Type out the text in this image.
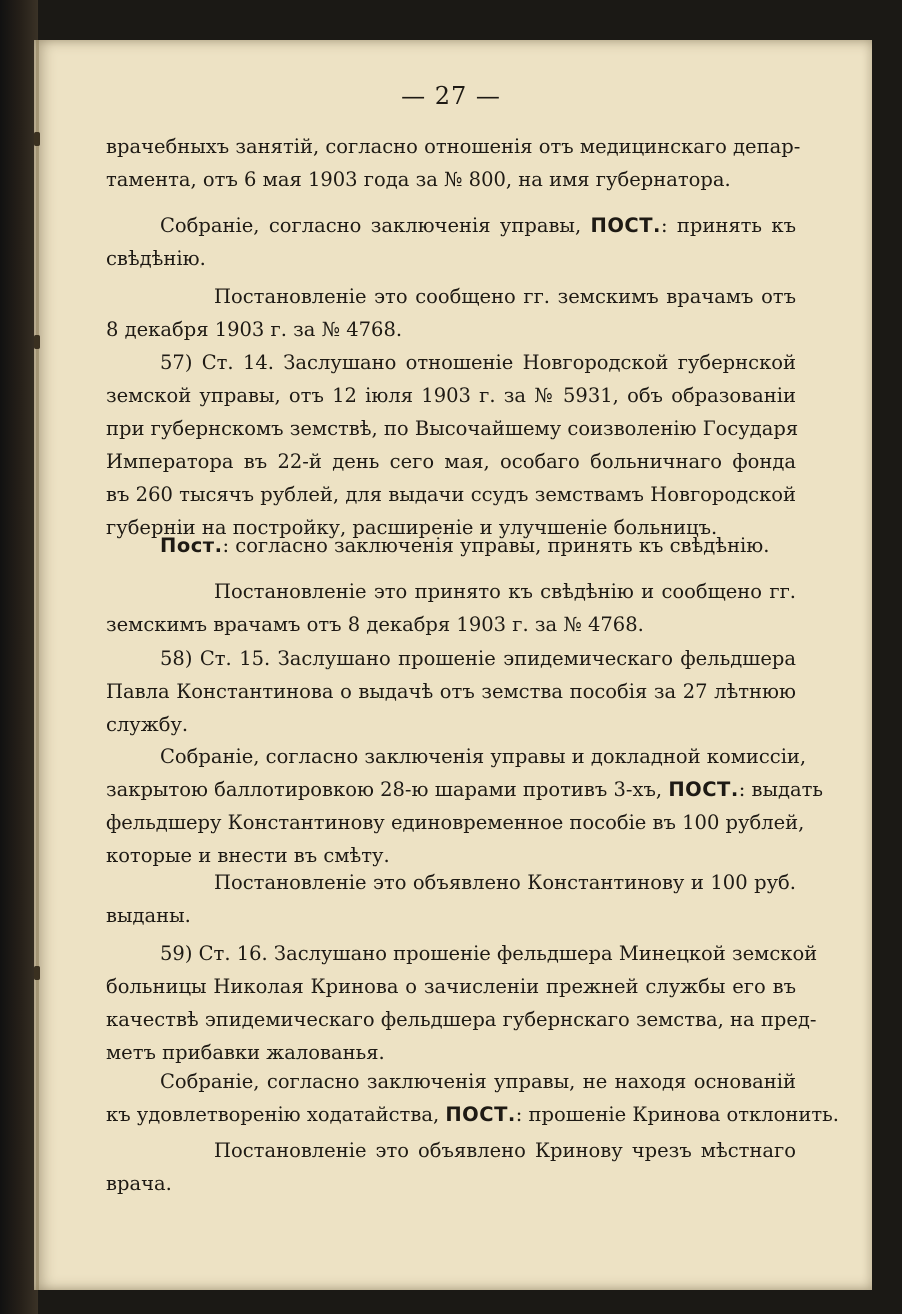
— 27 —
врачебныхъ занятій, согласно отношенія отъ медицинскаго депар-
тамента, отъ 6 мая 1903 года за № 800, на имя губернатора.
Собраніе, согласно заключенія управы, ПОСТ.: принять къ
свѣдѣнію.
Постановленіе это сообщено гг. земскимъ врачамъ отъ
8 декабря 1903 г. за № 4768.
57) Ст. 14. Заслушано отношеніе Новгородской губернской
земской управы, отъ 12 іюля 1903 г. за № 5931, объ образованіи
при губернскомъ земствѣ, по Высочайшему соизволенію Государя
Императора въ 22-й день сего мая, особаго больничнаго фонда
въ 260 тысячъ рублей, для выдачи ссудъ земствамъ Новгородской
губерніи на постройку, расширеніе и улучшеніе больницъ.
Пост.: согласно заключенія управы, принять къ свѣдѣнію.
Постановленіе это принято къ свѣдѣнію и сообщено гг.
земскимъ врачамъ отъ 8 декабря 1903 г. за № 4768.
58) Ст. 15. Заслушано прошеніе эпидемическаго фельдшера
Павла Константинова о выдачѣ отъ земства пособія за 27 лѣтнюю
службу.
Собраніе, согласно заключенія управы и докладной комиссіи,
закрытою баллотировкою 28-ю шарами противъ 3-хъ, ПОСТ.: выдать
фельдшеру Константинову единовременное пособіе въ 100 рублей,
которые и внести въ смѣту.
Постановленіе это объявлено Константинову и 100 руб.
выданы.
59) Ст. 16. Заслушано прошеніе фельдшера Минецкой земской
больницы Николая Кринова о зачисленіи прежней службы его въ
качествѣ эпидемическаго фельдшера губернскаго земства, на пред-
метъ прибавки жалованья.
Собраніе, согласно заключенія управы, не находя основаній
къ удовлетворенію ходатайства, ПОСТ.: прошеніе Кринова отклонить.
Постановленіе это объявлено Кринову чрезъ мѣстнаго
врача.
